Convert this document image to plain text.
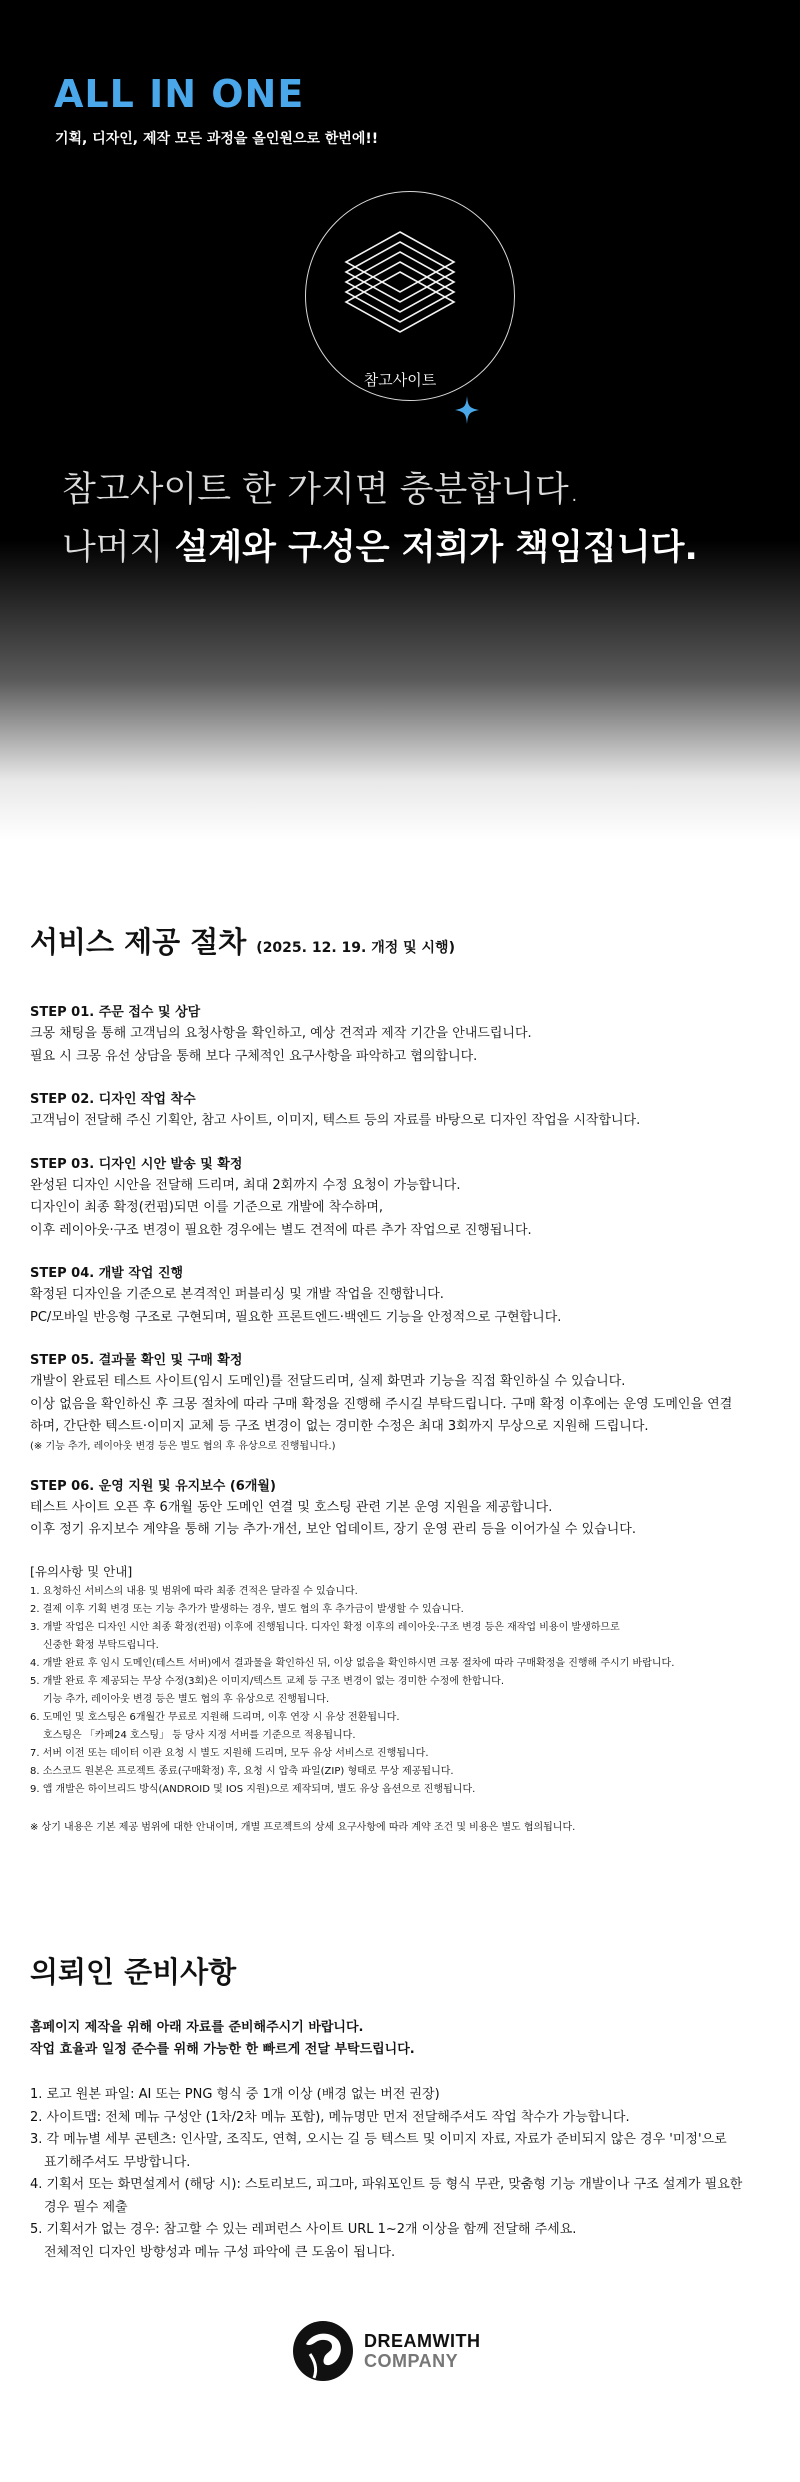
ALL IN ONE
기획, 디자인, 제작 모든 과정을 올인원으로 한번에!!
참고사이트
참고사이트 한 가지면 충분합니다.
나머지 설계와 구성은 저희가 책임집니다.
서비스 제공 절차 (2025. 12. 19. 개정 및 시행)
STEP 01. 주문 접수 및 상담

크몽 채팅을 통해 고객님의 요청사항을 확인하고, 예상 견적과 제작 기간을 안내드립니다.
필요 시 크몽 유선 상담을 통해 보다 구체적인 요구사항을 파악하고 협의합니다.

STEP 02. 디자인 작업 착수

고객님이 전달해 주신 기획안, 참고 사이트, 이미지, 텍스트 등의 자료를 바탕으로 디자인 작업을 시작합니다.

STEP 03. 디자인 시안 발송 및 확정

완성된 디자인 시안을 전달해 드리며, 최대 2회까지 수정 요청이 가능합니다.
디자인이 최종 확정(컨펌)되면 이를 기준으로 개발에 착수하며,
이후 레이아웃·구조 변경이 필요한 경우에는 별도 견적에 따른 추가 작업으로 진행됩니다.

STEP 04. 개발 작업 진행

확정된 디자인을 기준으로 본격적인 퍼블리싱 및 개발 작업을 진행합니다.
PC/모바일 반응형 구조로 구현되며, 필요한 프론트엔드·백엔드 기능을 안정적으로 구현합니다.

STEP 05. 결과물 확인 및 구매 확정

개발이 완료된 테스트 사이트(임시 도메인)를 전달드리며, 실제 화면과 기능을 직접 확인하실 수 있습니다.
이상 없음을 확인하신 후 크몽 절차에 따라 구매 확정을 진행해 주시길 부탁드립니다. 구매 확정 이후에는 운영 도메인을 연결
하며, 간단한 텍스트·이미지 교체 등 구조 변경이 없는 경미한 수정은 최대 3회까지 무상으로 지원해 드립니다.

(※ 기능 추가, 레이아웃 변경 등은 별도 협의 후 유상으로 진행됩니다.)
STEP 06. 운영 지원 및 유지보수 (6개월)

테스트 사이트 오픈 후 6개월 동안 도메인 연결 및 호스팅 관련 기본 운영 지원을 제공합니다.
이후 정기 유지보수 계약을 통해 기능 추가·개선, 보안 업데이트, 장기 운영 관리 등을 이어가실 수 있습니다.

[유의사항 및 안내]
1. 요청하신 서비스의 내용 및 범위에 따라 최종 견적은 달라질 수 있습니다.
2. 결제 이후 기획 변경 또는 기능 추가가 발생하는 경우, 별도 협의 후 추가금이 발생할 수 있습니다.
3. 개발 작업은 디자인 시안 최종 확정(컨펌) 이후에 진행됩니다. 디자인 확정 이후의 레이아웃·구조 변경 등은 재작업 비용이 발생하므로
신중한 확정 부탁드립니다.
4. 개발 완료 후 임시 도메인(테스트 서버)에서 결과물을 확인하신 뒤, 이상 없음을 확인하시면 크몽 절차에 따라 구매확정을 진행해 주시기 바랍니다.
5. 개발 완료 후 제공되는 무상 수정(3회)은 이미지/텍스트 교체 등 구조 변경이 없는 경미한 수정에 한합니다.
기능 추가, 레이아웃 변경 등은 별도 협의 후 유상으로 진행됩니다.
6. 도메인 및 호스팅은 6개월간 무료로 지원해 드리며, 이후 연장 시 유상 전환됩니다.
호스팅은 「카페24 호스팅」 등 당사 지정 서버를 기준으로 적용됩니다.
7. 서버 이전 또는 데이터 이관 요청 시 별도 지원해 드리며, 모두 유상 서비스로 진행됩니다.
8. 소스코드 원본은 프로젝트 종료(구매확정) 후, 요청 시 압축 파일(ZIP) 형태로 무상 제공됩니다.
9. 앱 개발은 하이브리드 방식(ANDROID 및 IOS 지원)으로 제작되며, 별도 유상 옵션으로 진행됩니다.
※ 상기 내용은 기본 제공 범위에 대한 안내이며, 개별 프로젝트의 상세 요구사항에 따라 계약 조건 및 비용은 별도 협의됩니다.
의뢰인 준비사항

홈페이지 제작을 위해 아래 자료를 준비해주시기 바랍니다.
작업 효율과 일정 준수를 위해 가능한 한 빠르게 전달 부탁드립니다.

1. 로고 원본 파일: AI 또는 PNG 형식 중 1개 이상 (배경 없는 버전 권장)
2. 사이트맵: 전체 메뉴 구성안 (1차/2차 메뉴 포함), 메뉴명만 먼저 전달해주셔도 작업 착수가 가능합니다.
3. 각 메뉴별 세부 콘텐츠: 인사말, 조직도, 연혁, 오시는 길 등 텍스트 및 이미지 자료, 자료가 준비되지 않은 경우 '미정'으로
표기해주셔도 무방합니다.
4. 기획서 또는 화면설계서 (해당 시): 스토리보드, 피그마, 파워포인트 등 형식 무관, 맞춤형 기능 개발이나 구조 설계가 필요한
경우 필수 제출
5. 기획서가 없는 경우: 참고할 수 있는 레퍼런스 사이트 URL 1~2개 이상을 함께 전달해 주세요.
전체적인 디자인 방향성과 메뉴 구성 파악에 큰 도움이 됩니다.
DREAMWITH
COMPANY
